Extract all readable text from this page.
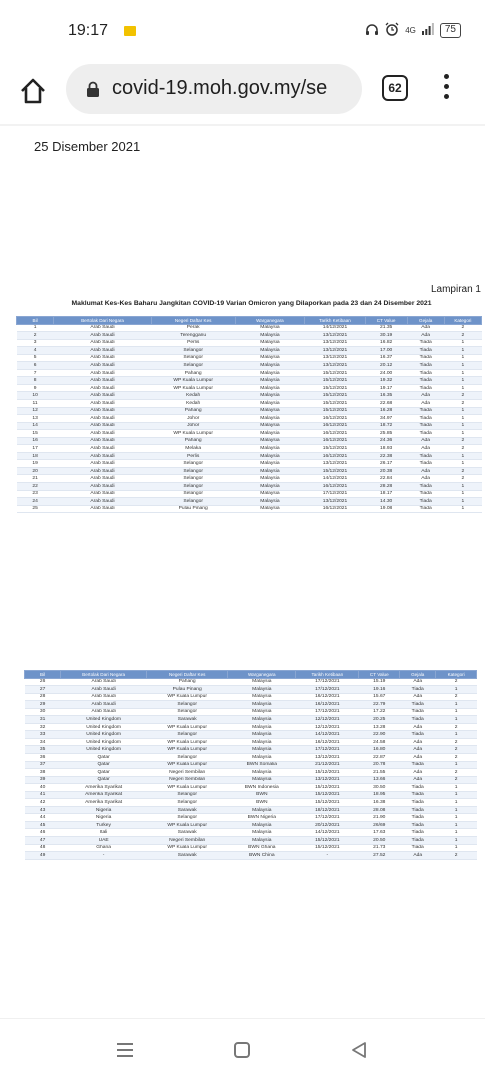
19:17	4G	75
covid-19.moh.gov.my/se	62
25 Disember 2021
Lampiran 1
Maklumat Kes-Kes Baharu Jangkitan COVID-19 Varian Omicron yang Dilaporkan pada 23 dan 24 Disember 2021
Bil	Bertolak Dari Negara	Negeri Daftar Kes	Warganegara	Tarikh Ketibaan	CT Value	Gejala	Kategori
1	Arab Saudi	Perak	Malaysia	14/12/2021	21.35	Ada	2
2	Arab Saudi	Terengganu	Malaysia	13/12/2021	30.19	Ada	2
3	Arab Saudi	Perlis	Malaysia	13/12/2021	16.82	Tiada	1
4	Arab Saudi	Selangor	Malaysia	13/12/2021	17.00	Tiada	1
5	Arab Saudi	Selangor	Malaysia	13/12/2021	16.37	Tiada	1
6	Arab Saudi	Selangor	Malaysia	13/12/2021	20.12	Tiada	1
7	Arab Saudi	Pahang	Malaysia	15/12/2021	24.00	Tiada	1
8	Arab Saudi	WP Kuala Lumpur	Malaysia	15/12/2021	19.32	Tiada	1
9	Arab Saudi	WP Kuala Lumpur	Malaysia	15/12/2021	19.17	Tiada	1
10	Arab Saudi	Kedah	Malaysia	15/12/2021	16.35	Ada	2
11	Arab Saudi	Kedah	Malaysia	15/12/2021	22.68	Ada	2
12	Arab Saudi	Pahang	Malaysia	15/12/2021	16.28	Tiada	1
13	Arab Saudi	Johor	Malaysia	16/12/2021	34.97	Tiada	1
14	Arab Saudi	Johor	Malaysia	16/12/2021	18.72	Tiada	1
15	Arab Saudi	WP Kuala Lumpur	Malaysia	16/12/2021	25.85	Tiada	1
16	Arab Saudi	Pahang	Malaysia	16/12/2021	24.36	Ada	2
17	Arab Saudi	Melaka	Malaysia	15/12/2021	18.93	Ada	2
18	Arab Saudi	Perlis	Malaysia	16/12/2021	22.38	Tiada	1
19	Arab Saudi	Selangor	Malaysia	13/12/2021	26.17	Tiada	1
20	Arab Saudi	Selangor	Malaysia	15/12/2021	20.38	Ada	2
21	Arab Saudi	Selangor	Malaysia	14/12/2021	22.84	Ada	2
22	Arab Saudi	Selangor	Malaysia	16/12/2021	28.28	Tiada	1
23	Arab Saudi	Selangor	Malaysia	17/12/2021	18.17	Tiada	1
24	Arab Saudi	Selangor	Malaysia	13/12/2021	14.30	Tiada	1
25	Arab Saudi	Pulau Pinang	Malaysia	16/12/2021	19.08	Tiada	1
Bil	Bertolak Dari Negara	Negeri Daftar Kes	Warganegara	Tarikh Ketibaan	CT Value	Gejala	Kategori
26	Arab Saudi	Pahang	Malaysia	17/12/2021	15.19	Ada	2
27	Arab Saudi	Pulau Pinang	Malaysia	17/12/2021	19.16	Tiada	1
28	Arab Saudi	WP Kuala Lumpur	Malaysia	16/12/2021	15.67	Ada	2
29	Arab Saudi	Selangor	Malaysia	16/12/2021	22.79	Tiada	1
30	Arab Saudi	Selangor	Malaysia	17/12/2021	17.22	Tiada	1
31	United Kingdom	Sarawak	Malaysia	12/12/2021	20.25	Tiada	1
32	United Kingdom	WP Kuala Lumpur	Malaysia	12/12/2021	13.28	Ada	2
33	United Kingdom	Selangor	Malaysia	14/12/2021	22.90	Tiada	1
34	United Kingdom	WP Kuala Lumpur	Malaysia	16/12/2021	24.58	Ada	2
35	United Kingdom	WP Kuala Lumpur	Malaysia	17/12/2021	16.80	Ada	2
36	Qatar	Selangor	Malaysia	13/12/2021	22.87	Ada	2
37	Qatar	WP Kuala Lumpur	BWN Somalia	21/12/2021	20.78	Tiada	1
38	Qatar	Negeri Sembilan	Malaysia	15/12/2021	21.55	Ada	2
39	Qatar	Negeri Sembilan	Malaysia	13/12/2021	13.66	Ada	2
40	Amerika Syarikat	WP Kuala Lumpur	BWN Indonesia	15/12/2021	30.50	Tiada	1
41	Amerika Syarikat	Selangor	BWN	15/12/2021	18.95	Tiada	1
42	Amerika Syarikat	Selangor	BWN	15/12/2021	16.38	Tiada	1
43	Nigeria	Sarawak	Malaysia	18/12/2021	28.08	Tiada	1
44	Nigeria	Selangor	BWN Nigeria	17/12/2021	21.90	Tiada	1
45	Turkey	WP Kuala Lumpur	Malaysia	20/12/2021	26/69	Tiada	1
46	Itali	Sarawak	Malaysia	14/12/2021	17.63	Tiada	1
47	UAE	Negeri Sembilan	Malaysia	15/12/2021	20.50	Tiada	1
48	Ghana	WP Kuala Lumpur	BWN Ghana	15/12/2021	21.73	Tiada	1
49	-	Sarawak	BWN China	-	27.52	Ada	2
